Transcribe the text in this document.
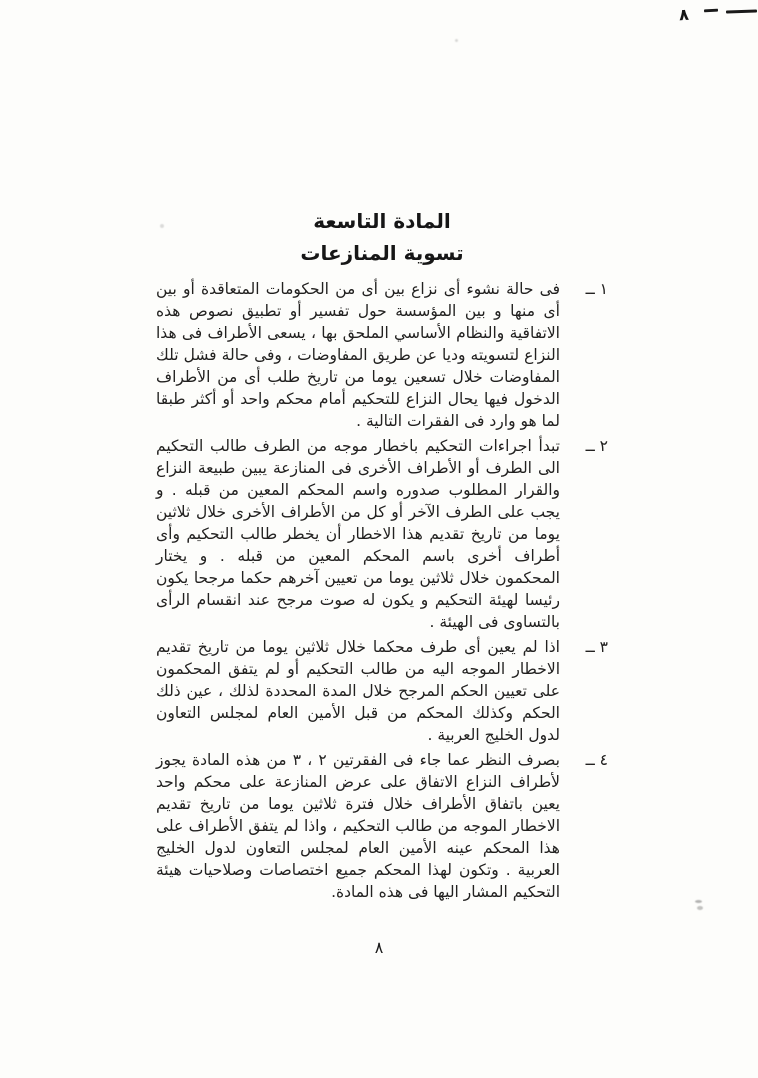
٨
المادة التاسعة
تسوية المنازعات
١ ــ
فى حالة نشوء أى نزاع بين أى من الحكومات المتعاقدة أو بين أى منها و بين المؤسسة حول تفسير أو تطبيق نصوص هذه الاتفاقية والنظام الأساسي الملحق بها ، يسعى الأطراف فى هذا النزاع لتسويته وديا عن طريق المفاوضات ، وفى حالة فشل تلك المفاوضات خلال تسعين يوما من تاريخ طلب أى من الأطراف الدخول فيها يحال النزاع للتحكيم أمام محكم واحد أو أكثر طبقا لما هو وارد فى الفقرات التالية .
٢ ــ
تبدأ اجراءات التحكيم باخطار موجه من الطرف طالب التحكيم الى الطرف أو الأطراف الأخرى فى المنازعة يبين طبيعة النزاع والقرار المطلوب صدوره واسم المحكم المعين من قبله . و يجب على الطرف الآخر أو كل من الأطراف الأخرى خلال ثلاثين يوما من تاريخ تقديم هذا الاخطار أن يخطر طالب التحكيم وأى أطراف أخرى باسم المحكم المعين من قبله . و يختار المحكمون خلال ثلاثين يوما من تعيين آخرهم حكما مرجحا يكون رئيسا لهيئة التحكيم و يكون له صوت مرجح عند انقسام الرأى بالتساوى فى الهيئة .
٣ ــ
اذا لم يعين أى طرف محكما خلال ثلاثين يوما من تاريخ تقديم الاخطار الموجه اليه من طالب التحكيم أو لم يتفق المحكمون على تعيين الحكم المرجح خلال المدة المحددة لذلك ، عين ذلك الحكم وكذلك المحكم من قبل الأمين العام لمجلس التعاون لدول الخليج العربية .
٤ ــ
بصرف النظر عما جاء فى الفقرتين ٢ ، ٣ من هذه المادة يجوز لأطراف النزاع الاتفاق على عرض المنازعة على محكم واحد يعين باتفاق الأطراف خلال فترة ثلاثين يوما من تاريخ تقديم الاخطار الموجه من طالب التحكيم ، واذا لم يتفق الأطراف على هذا المحكم عينه الأمين العام لمجلس التعاون لدول الخليج العربية . وتكون لهذا المحكم جميع اختصاصات وصلاحيات هيئة التحكيم المشار اليها فى هذه المادة.
٨
